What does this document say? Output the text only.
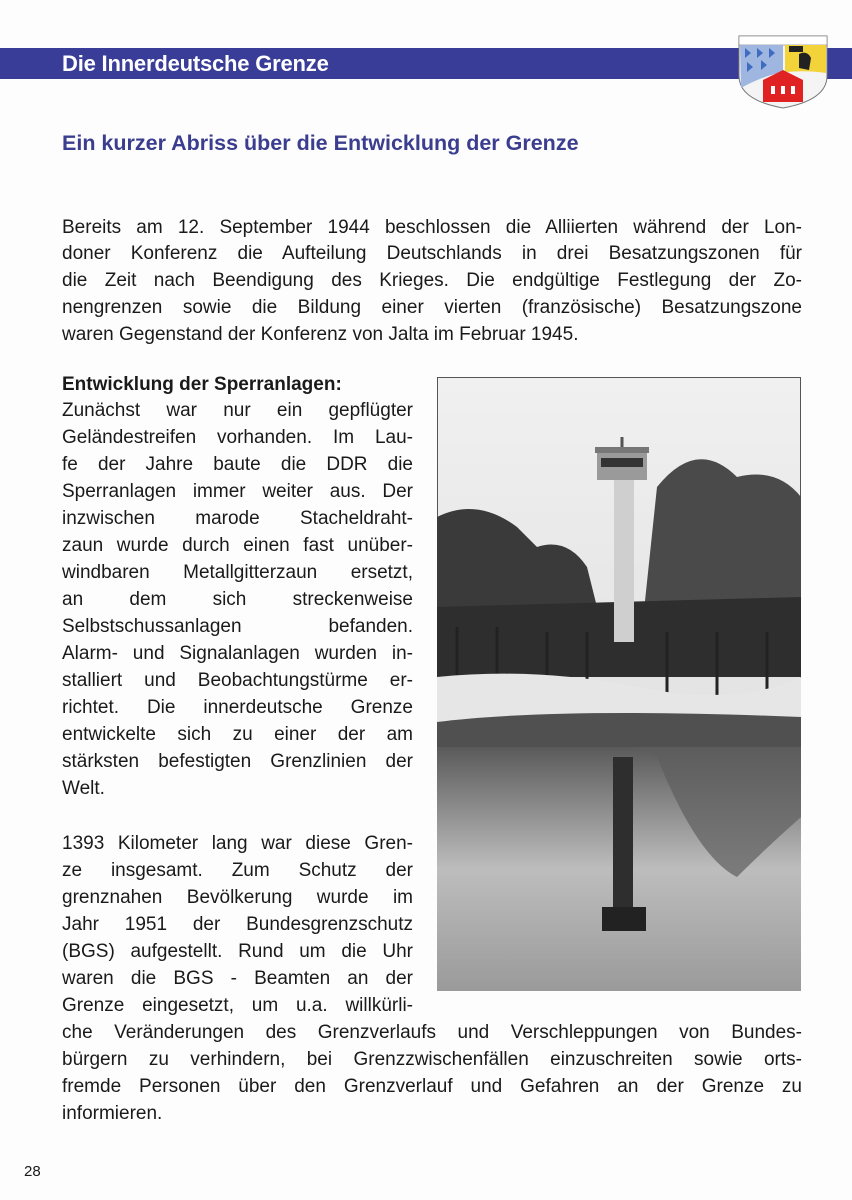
Die Innerdeutsche Grenze
Ein kurzer Abriss über die Entwicklung der Grenze
Bereits am 12. September 1944 beschlossen die Alliierten während der Lon-
doner Konferenz die Aufteilung Deutschlands in drei Besatzungszonen für
die Zeit nach Beendigung des Krieges. Die endgültige Festlegung der Zo-
nengrenzen sowie die Bildung einer vierten (französische) Besatzungszone
waren Gegenstand der Konferenz von Jalta im Februar 1945.
Entwicklung der Sperranlagen:
Zunächst war nur ein gepflügter
Geländestreifen vorhanden. Im Lau-
fe der Jahre baute die DDR die
Sperranlagen immer weiter aus. Der
inzwischen marode Stacheldraht-
zaun wurde durch einen fast unüber-
windbaren Metallgitterzaun ersetzt,
an dem sich streckenweise
Selbstschussanlagen befanden.
Alarm- und Signalanlagen wurden in-
stalliert und Beobachtungstürme er-
richtet. Die innerdeutsche Grenze
entwickelte sich zu einer der am
stärksten befestigten Grenzlinien der
Welt.
1393 Kilometer lang war diese Gren-
ze insgesamt. Zum Schutz der
grenznahen Bevölkerung wurde im
Jahr 1951 der Bundesgrenzschutz
(BGS) aufgestellt. Rund um die Uhr
waren die BGS - Beamten an der
Grenze eingesetzt, um u.a. willkürli-
che Veränderungen des Grenzverlaufs und Verschleppungen von Bundes-
bürgern zu verhindern, bei Grenzzwischenfällen einzuschreiten sowie orts-
fremde Personen über den Grenzverlauf und Gefahren an der Grenze zu
informieren.
28
